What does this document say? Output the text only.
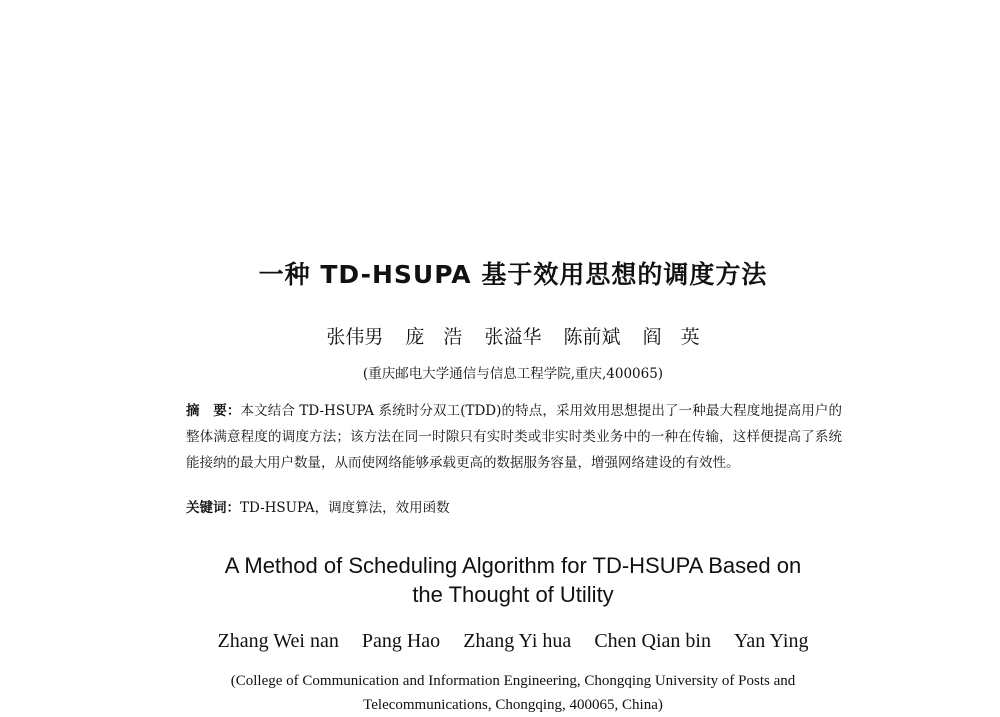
一种 TD-HSUPA 基于效用思想的调度方法
张伟男 庞　浩 张溢华 陈前斌 阎　英
(重庆邮电大学通信与信息工程学院,重庆,400065)
摘　要：本文结合 TD-HSUPA 系统时分双工(TDD)的特点，采用效用思想提出了一种最大程度地提高用户的整体满意程度的调度方法；该方法在同一时隙只有实时类或非实时类业务中的一种在传输，这样便提高了系统能接纳的最大用户数量，从而使网络能够承载更高的数据服务容量，增强网络建设的有效性。
关键词：TD-HSUPA，调度算法，效用函数
A Method of Scheduling Algorithm for TD-HSUPA Based on
the Thought of Utility
Zhang Wei nan Pang Hao Zhang Yi hua Chen Qian bin Yan Ying
(College of Communication and Information Engineering, Chongqing University of Posts and
Telecommunications, Chongqing, 400065, China)
